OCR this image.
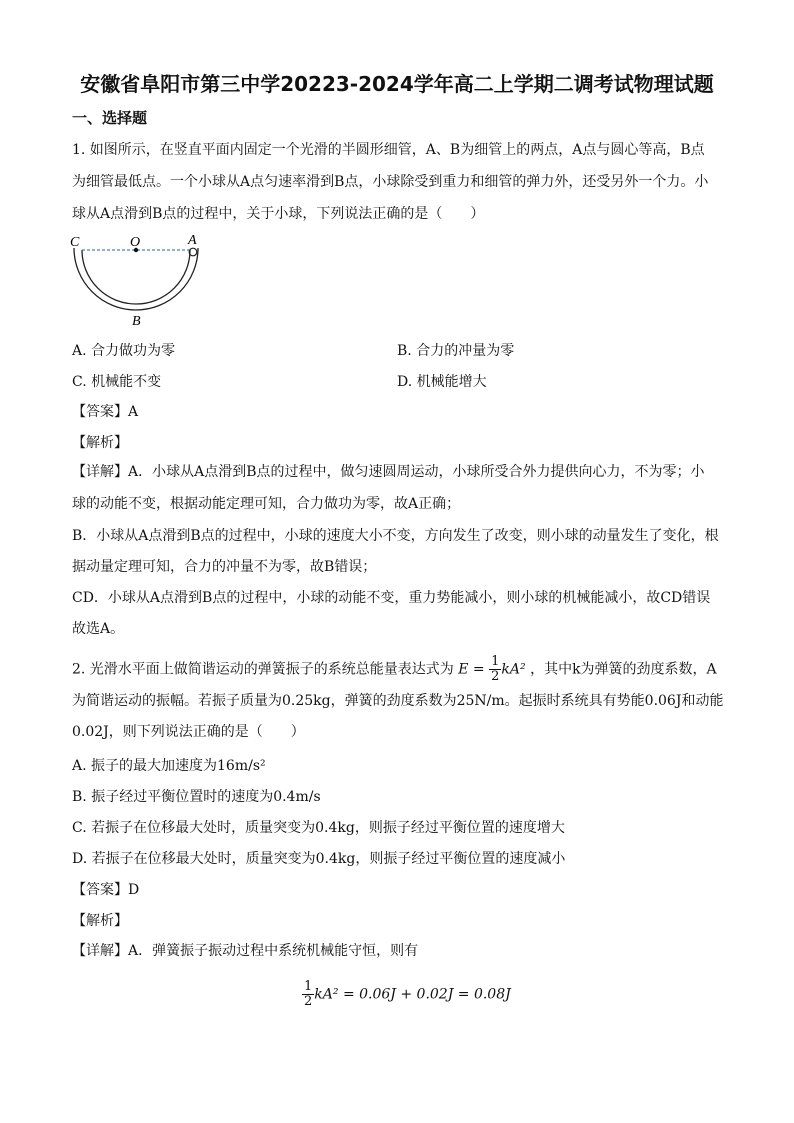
安徽省阜阳市第三中学20223-2024学年高二上学期二调考试物理试题
一、选择题
1. 如图所示，在竖直平面内固定一个光滑的半圆形细管，A、B为细管上的两点，A点与圆心等高，B点
为细管最低点。一个小球从A点匀速率滑到B点，小球除受到重力和细管的弹力外，还受另外一个力。小
球从A点滑到B点的过程中，关于小球，下列说法正确的是（　　）
C	O	A
B
A. 合力做功为零	B. 合力的冲量为零
C. 机械能不变	D. 机械能增大
【答案】A
【解析】
【详解】A．小球从A点滑到B点的过程中，做匀速圆周运动，小球所受合外力提供向心力，不为零；小
球的动能不变，根据动能定理可知，合力做功为零，故A正确；
B．小球从A点滑到B点的过程中，小球的速度大小不变，方向发生了改变，则小球的动量发生了变化，根
据动量定理可知，合力的冲量不为零，故B错误；
CD．小球从A点滑到B点的过程中，小球的动能不变，重力势能减小，则小球的机械能减小，故CD错误
故选A。
2. 光滑水平面上做简谐运动的弹簧振子的系统总能量表达式为 $E = \frac{1}{2} kA^2$ ，其中k为弹簧的劲度系数，A
为简谐运动的振幅。若振子质量为0.25kg，弹簧的劲度系数为25N/m。起振时系统具有势能0.06J和动能
0.02J，则下列说法正确的是（　　）
A. 振子的最大加速度为16m/s²
B. 振子经过平衡位置时的速度为0.4m/s
C. 若振子在位移最大处时，质量突变为0.4kg，则振子经过平衡位置的速度增大
D. 若振子在位移最大处时，质量突变为0.4kg，则振子经过平衡位置的速度减小
【答案】D
【解析】
【详解】A．弹簧振子振动过程中系统机械能守恒，则有
$\frac{1}{2} kA^2 = 0.06J + 0.02J = 0.08J$
